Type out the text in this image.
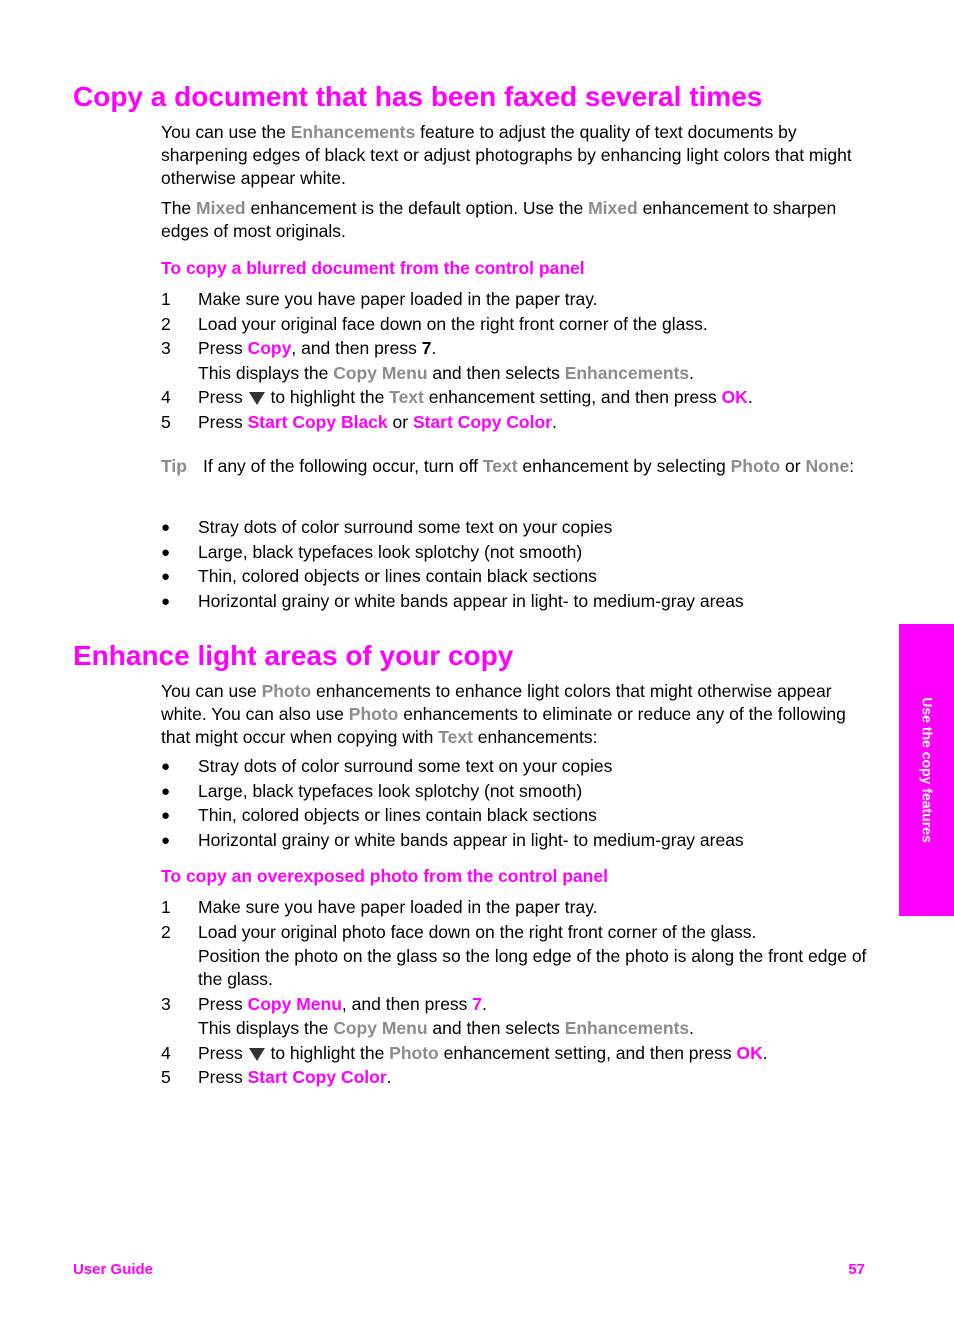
Copy a document that has been faxed several times

You can use the Enhancements feature to adjust the quality of text documents by sharpening edges of black text or adjust photographs by enhancing light colors that might otherwise appear white.

The Mixed enhancement is the default option. Use the Mixed enhancement to sharpen edges of most originals.

To copy a blurred document from the control panel

1 Make sure you have paper loaded in the paper tray.
2 Load your original face down on the right front corner of the glass.
3 Press Copy, and then press 7.
This displays the Copy Menu and then selects Enhancements.
4 Press  to highlight the Text enhancement setting, and then press OK.
5 Press Start Copy Black or Start Copy Color.
Tip If any of the following occur, turn off Text enhancement by selecting Photo or None:
● Stray dots of color surround some text on your copies
● Large, black typefaces look splotchy (not smooth)
● Thin, colored objects or lines contain black sections
● Horizontal grainy or white bands appear in light- to medium-gray areas
Enhance light areas of your copy

You can use Photo enhancements to enhance light colors that might otherwise appear white. You can also use Photo enhancements to eliminate or reduce any of the following that might occur when copying with Text enhancements:

● Stray dots of color surround some text on your copies
● Large, black typefaces look splotchy (not smooth)
● Thin, colored objects or lines contain black sections
● Horizontal grainy or white bands appear in light- to medium-gray areas

To copy an overexposed photo from the control panel

1 Make sure you have paper loaded in the paper tray.
2 Load your original photo face down on the right front corner of the glass.
Position the photo on the glass so the long edge of the photo is along the front edge of the glass.
3 Press Copy Menu, and then press 7.
This displays the Copy Menu and then selects Enhancements.
4 Press  to highlight the Photo enhancement setting, and then press OK.
5 Press Start Copy Color.
Use the copy features
User Guide	57
